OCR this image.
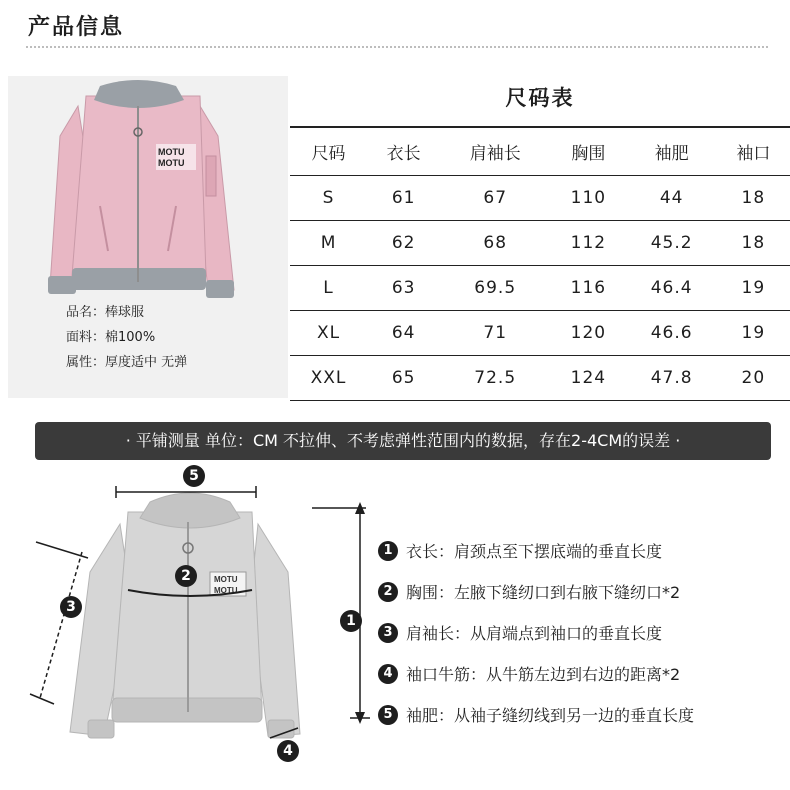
产品信息
MOTU
MOTU
品名：棒球服
面料：棉100%
属性：厚度适中 无弹
尺码表
尺码	衣长	肩袖长	胸围	袖肥	袖口
S	61	67	110	44	18
M	62	68	112	45.2	18
L	63	69.5	116	46.4	19
XL	64	71	120	46.6	19
XXL	65	72.5	124	47.8	20
· 平铺测量 单位：CM 不拉伸、不考虑弹性范围内的数据，存在2-4CM的误差 ·
MOTU
MOTU
5
2
3
4
1
1 衣长：肩颈点至下摆底端的垂直长度
2 胸围：左腋下缝纫口到右腋下缝纫口*2
3 肩袖长：从肩端点到袖口的垂直长度
4 袖口牛筋：从牛筋左边到右边的距离*2
5 袖肥：从袖子缝纫线到另一边的垂直长度
